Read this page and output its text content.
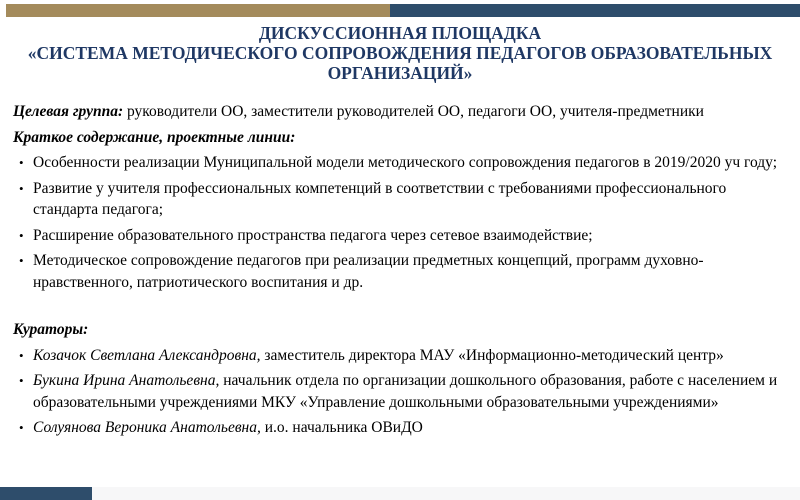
ДИСКУССИОННАЯ ПЛОЩАДКА
«СИСТЕМА МЕТОДИЧЕСКОГО СОПРОВОЖДЕНИЯ ПЕДАГОГОВ ОБРАЗОВАТЕЛЬНЫХ
ОРГАНИЗАЦИЙ»

Целевая группа: руководители ОО, заместители руководителей ОО, педагоги ОО, учителя-предметники

Краткое содержание, проектные линии:

• Особенности реализации Муниципальной модели методического сопровождения педагогов в 2019/2020 уч году;
• Развитие у учителя профессиональных компетенций в соответствии с требованиями профессионального стандарта педагога;
• Расширение образовательного пространства педагога через сетевое взаимодействие;
• Методическое сопровождение педагогов при реализации предметных концепций, программ духовно-нравственного, патриотического воспитания и др.

Кураторы:

• Козачок Светлана Александровна, заместитель директора МАУ «Информационно-методический центр»
• Букина Ирина Анатольевна, начальник отдела по организации дошкольного образования, работе с населением и образовательными учреждениями МКУ «Управление дошкольными образовательными учреждениями»
• Солуянова Вероника Анатольевна, и.о. начальника ОВиДО
